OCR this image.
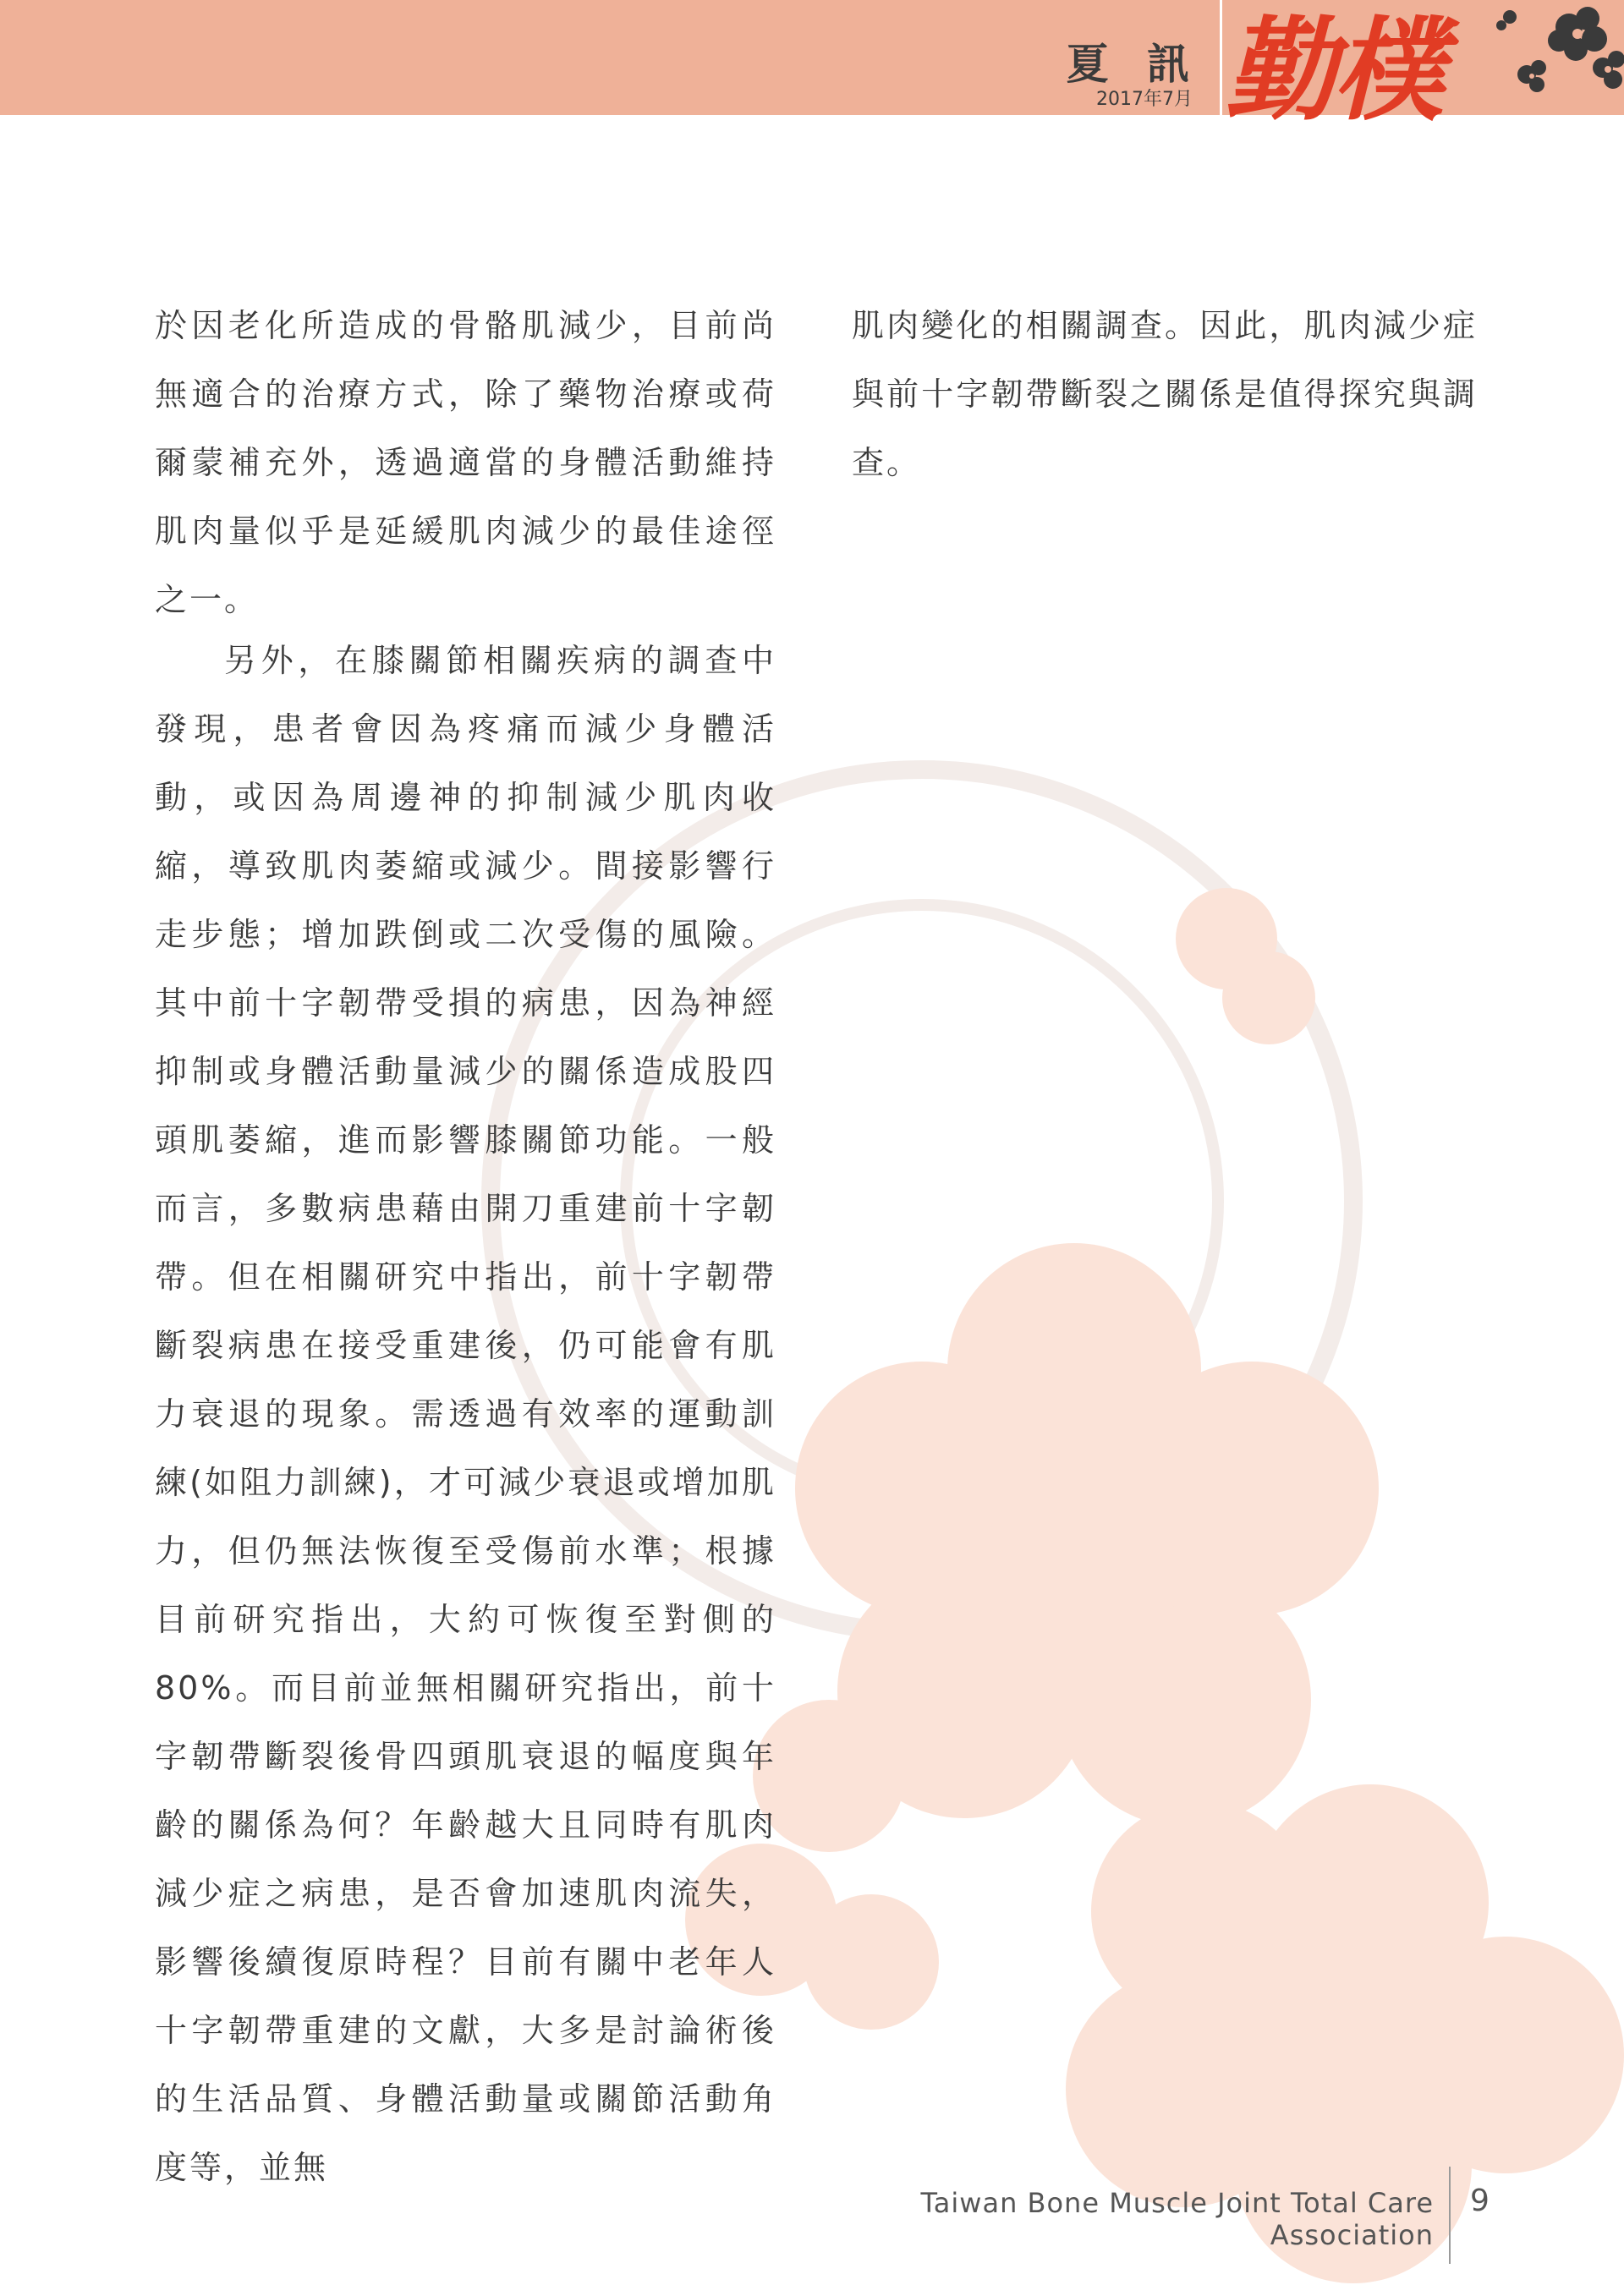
夏 訊
2017年7月 勤樸

於因老化所造成的骨骼肌減少，目前尚無適合的治療方式，除了藥物治療或荷爾蒙補充外，透過適當的身體活動維持肌肉量似乎是延緩肌肉減少的最佳途徑之一。

另外，在膝關節相關疾病的調查中發現，患者會因為疼痛而減少身體活動，或因為周邊神的抑制減少肌肉收縮，導致肌肉萎縮或減少。間接影響行走步態；增加跌倒或二次受傷的風險。其中前十字韌帶受損的病患，因為神經抑制或身體活動量減少的關係造成股四頭肌萎縮，進而影響膝關節功能。一般而言，多數病患藉由開刀重建前十字韌帶。但在相關研究中指出，前十字韌帶斷裂病患在接受重建後，仍可能會有肌力衰退的現象。需透過有效率的運動訓練(如阻力訓練)，才可減少衰退或增加肌力，但仍無法恢復至受傷前水準；根據目前研究指出，大約可恢復至對側的 80%。而目前並無相關研究指出，前十字韌帶斷裂後骨四頭肌衰退的幅度與年齡的關係為何？年齡越大且同時有肌肉減少症之病患，是否會加速肌肉流失，影響後續復原時程？目前有關中老年人十字韌帶重建的文獻，大多是討論術後的生活品質、身體活動量或關節活動角度等，並無

肌肉變化的相關調查。因此，肌肉減少症與前十字韌帶斷裂之關係是值得探究與調查。

Taiwan Bone Muscle Joint Total Care Association
9
